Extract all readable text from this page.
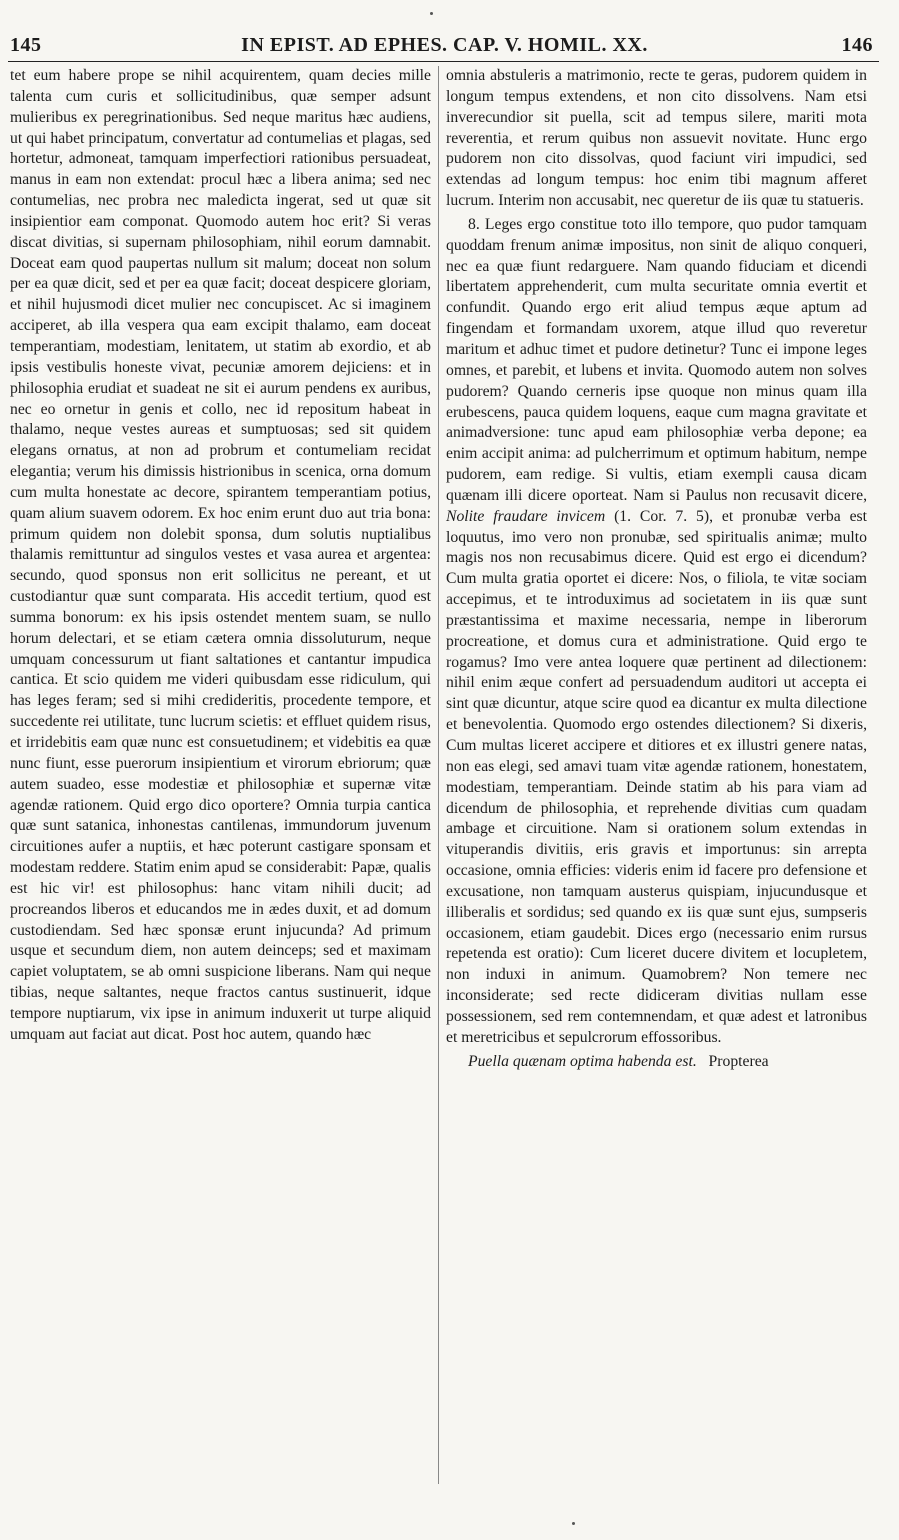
145	IN EPIST. AD EPHES. CAP. V. HOMIL. XX.	146

tet eum habere prope se nihil acquirentem, quam decies mille talenta cum curis et sollicitudinibus, quæ semper adsunt mulieribus ex peregrinationibus. Sed neque maritus hæc audiens, ut qui habet principatum, convertatur ad contumelias et plagas, sed hortetur, admoneat, tamquam imperfectiori rationibus persuadeat, manus in eam non extendat: procul hæc a libera anima; sed nec contumelias, nec probra nec maledicta ingerat, sed ut quæ sit insipientior eam componat. Quomodo autem hoc erit? Si veras discat divitias, si supernam philosophiam, nihil eorum damnabit. Doceat eam quod paupertas nullum sit malum; doceat non solum per ea quæ dicit, sed et per ea quæ facit; doceat despicere gloriam, et nihil hujusmodi dicet mulier nec concupiscet. Ac si imaginem acciperet, ab illa vespera qua eam excipit thalamo, eam doceat temperantiam, modestiam, lenitatem, ut statim ab exordio, et ab ipsis vestibulis honeste vivat, pecuniæ amorem dejiciens: et in philosophia erudiat et suadeat ne sit ei aurum pendens ex auribus, nec eo ornetur in genis et collo, nec id repositum habeat in thalamo, neque vestes aureas et sumptuosas; sed sit quidem elegans ornatus, at non ad probrum et contumeliam recidat elegantia; verum his dimissis histrionibus in scenica, orna domum cum multa honestate ac decore, spirantem temperantiam potius, quam alium suavem odorem. Ex hoc enim erunt duo aut tria bona: primum quidem non dolebit sponsa, dum solutis nuptialibus thalamis remittuntur ad singulos vestes et vasa aurea et argentea: secundo, quod sponsus non erit sollicitus ne pereant, et ut custodiantur quæ sunt comparata. His accedit tertium, quod est summa bonorum: ex his ipsis ostendet mentem suam, se nullo horum delectari, et se etiam cætera omnia dissoluturum, neque umquam concessurum ut fiant saltationes et cantantur impudica cantica. Et scio quidem me videri quibusdam esse ridiculum, qui has leges feram; sed si mihi credideritis, procedente tempore, et succedente rei utilitate, tunc lucrum scietis: et effluet quidem risus, et irridebitis eam quæ nunc est consuetudinem; et videbitis ea quæ nunc fiunt, esse puerorum insipientium et virorum ebriorum; quæ autem suadeo, esse modestiæ et philosophiæ et supernæ vitæ agendæ rationem. Quid ergo dico oportere? Omnia turpia cantica quæ sunt satanica, inhonestas cantilenas, immundorum juvenum circuitiones aufer a nuptiis, et hæc poterunt castigare sponsam et modestam reddere. Statim enim apud se considerabit: Papæ, qualis est hic vir! est philosophus: hanc vitam nihili ducit; ad procreandos liberos et educandos me in ædes duxit, et ad domum custodiendam. Sed hæc sponsæ erunt injucunda? Ad primum usque et secundum diem, non autem deinceps; sed et maximam capiet voluptatem, se ab omni suspicione liberans. Nam qui neque tibias, neque saltantes, neque fractos cantus sustinuerit, idque tempore nuptiarum, vix ipse in animum induxerit ut turpe aliquid umquam aut faciat aut dicat. Post hoc autem, quando hæc

omnia abstuleris a matrimonio, recte te geras, pudorem quidem in longum tempus extendens, et non cito dissolvens. Nam etsi inverecundior sit puella, scit ad tempus silere, mariti mota reverentia, et rerum quibus non assuevit novitate. Hunc ergo pudorem non cito dissolvas, quod faciunt viri impudici, sed extendas ad longum tempus: hoc enim tibi magnum afferet lucrum. Interim non accusabit, nec queretur de iis quæ tu statueris.

8. Leges ergo constitue toto illo tempore, quo pudor tamquam quoddam frenum animæ impositus, non sinit de aliquo conqueri, nec ea quæ fiunt redarguere. Nam quando fiduciam et dicendi libertatem apprehenderit, cum multa securitate omnia evertit et confundit. Quando ergo erit aliud tempus æque aptum ad fingendam et formandam uxorem, atque illud quo reveretur maritum et adhuc timet et pudore detinetur? Tunc ei impone leges omnes, et parebit, et lubens et invita. Quomodo autem non solves pudorem? Quando cerneris ipse quoque non minus quam illa erubescens, pauca quidem loquens, eaque cum magna gravitate et animadversione: tunc apud eam philosophiæ verba depone; ea enim accipit anima: ad pulcherrimum et optimum habitum, nempe pudorem, eam redige. Si vultis, etiam exempli causa dicam quænam illi dicere oporteat. Nam si Paulus non recusavit dicere, Nolite fraudare invicem (1. Cor. 7. 5), et pronubæ verba est loquutus, imo vero non pronubæ, sed spiritualis animæ; multo magis nos non recusabimus dicere. Quid est ergo ei dicendum? Cum multa gratia oportet ei dicere: Nos, o filiola, te vitæ sociam accepimus, et te introduximus ad societatem in iis quæ sunt præstantissima et maxime necessaria, nempe in liberorum procreatione, et domus cura et administratione. Quid ergo te rogamus? Imo vere antea loquere quæ pertinent ad dilectionem: nihil enim æque confert ad persuadendum auditori ut accepta ei sint quæ dicuntur, atque scire quod ea dicantur ex multa dilectione et benevolentia. Quomodo ergo ostendes dilectionem? Si dixeris, Cum multas liceret accipere et ditiores et ex illustri genere natas, non eas elegi, sed amavi tuam vitæ agendæ rationem, honestatem, modestiam, temperantiam. Deinde statim ab his para viam ad dicendum de philosophia, et reprehende divitias cum quadam ambage et circuitione. Nam si orationem solum extendas in vituperandis divitiis, eris gravis et importunus: sin arrepta occasione, omnia efficies: videris enim id facere pro defensione et excusatione, non tamquam austerus quispiam, injucundusque et illiberalis et sordidus; sed quando ex iis quæ sunt ejus, sumpseris occasionem, etiam gaudebit. Dices ergo (necessario enim rursus repetenda est oratio): Cum liceret ducere divitem et locupletem, non induxi in animum. Quamobrem? Non temere nec inconsiderate; sed recte didiceram divitias nullam esse possessionem, sed rem contemnendam, et quæ adest et latronibus et meretricibus et sepulcrorum effossoribus.

Puella quænam optima habenda est. Propterea
